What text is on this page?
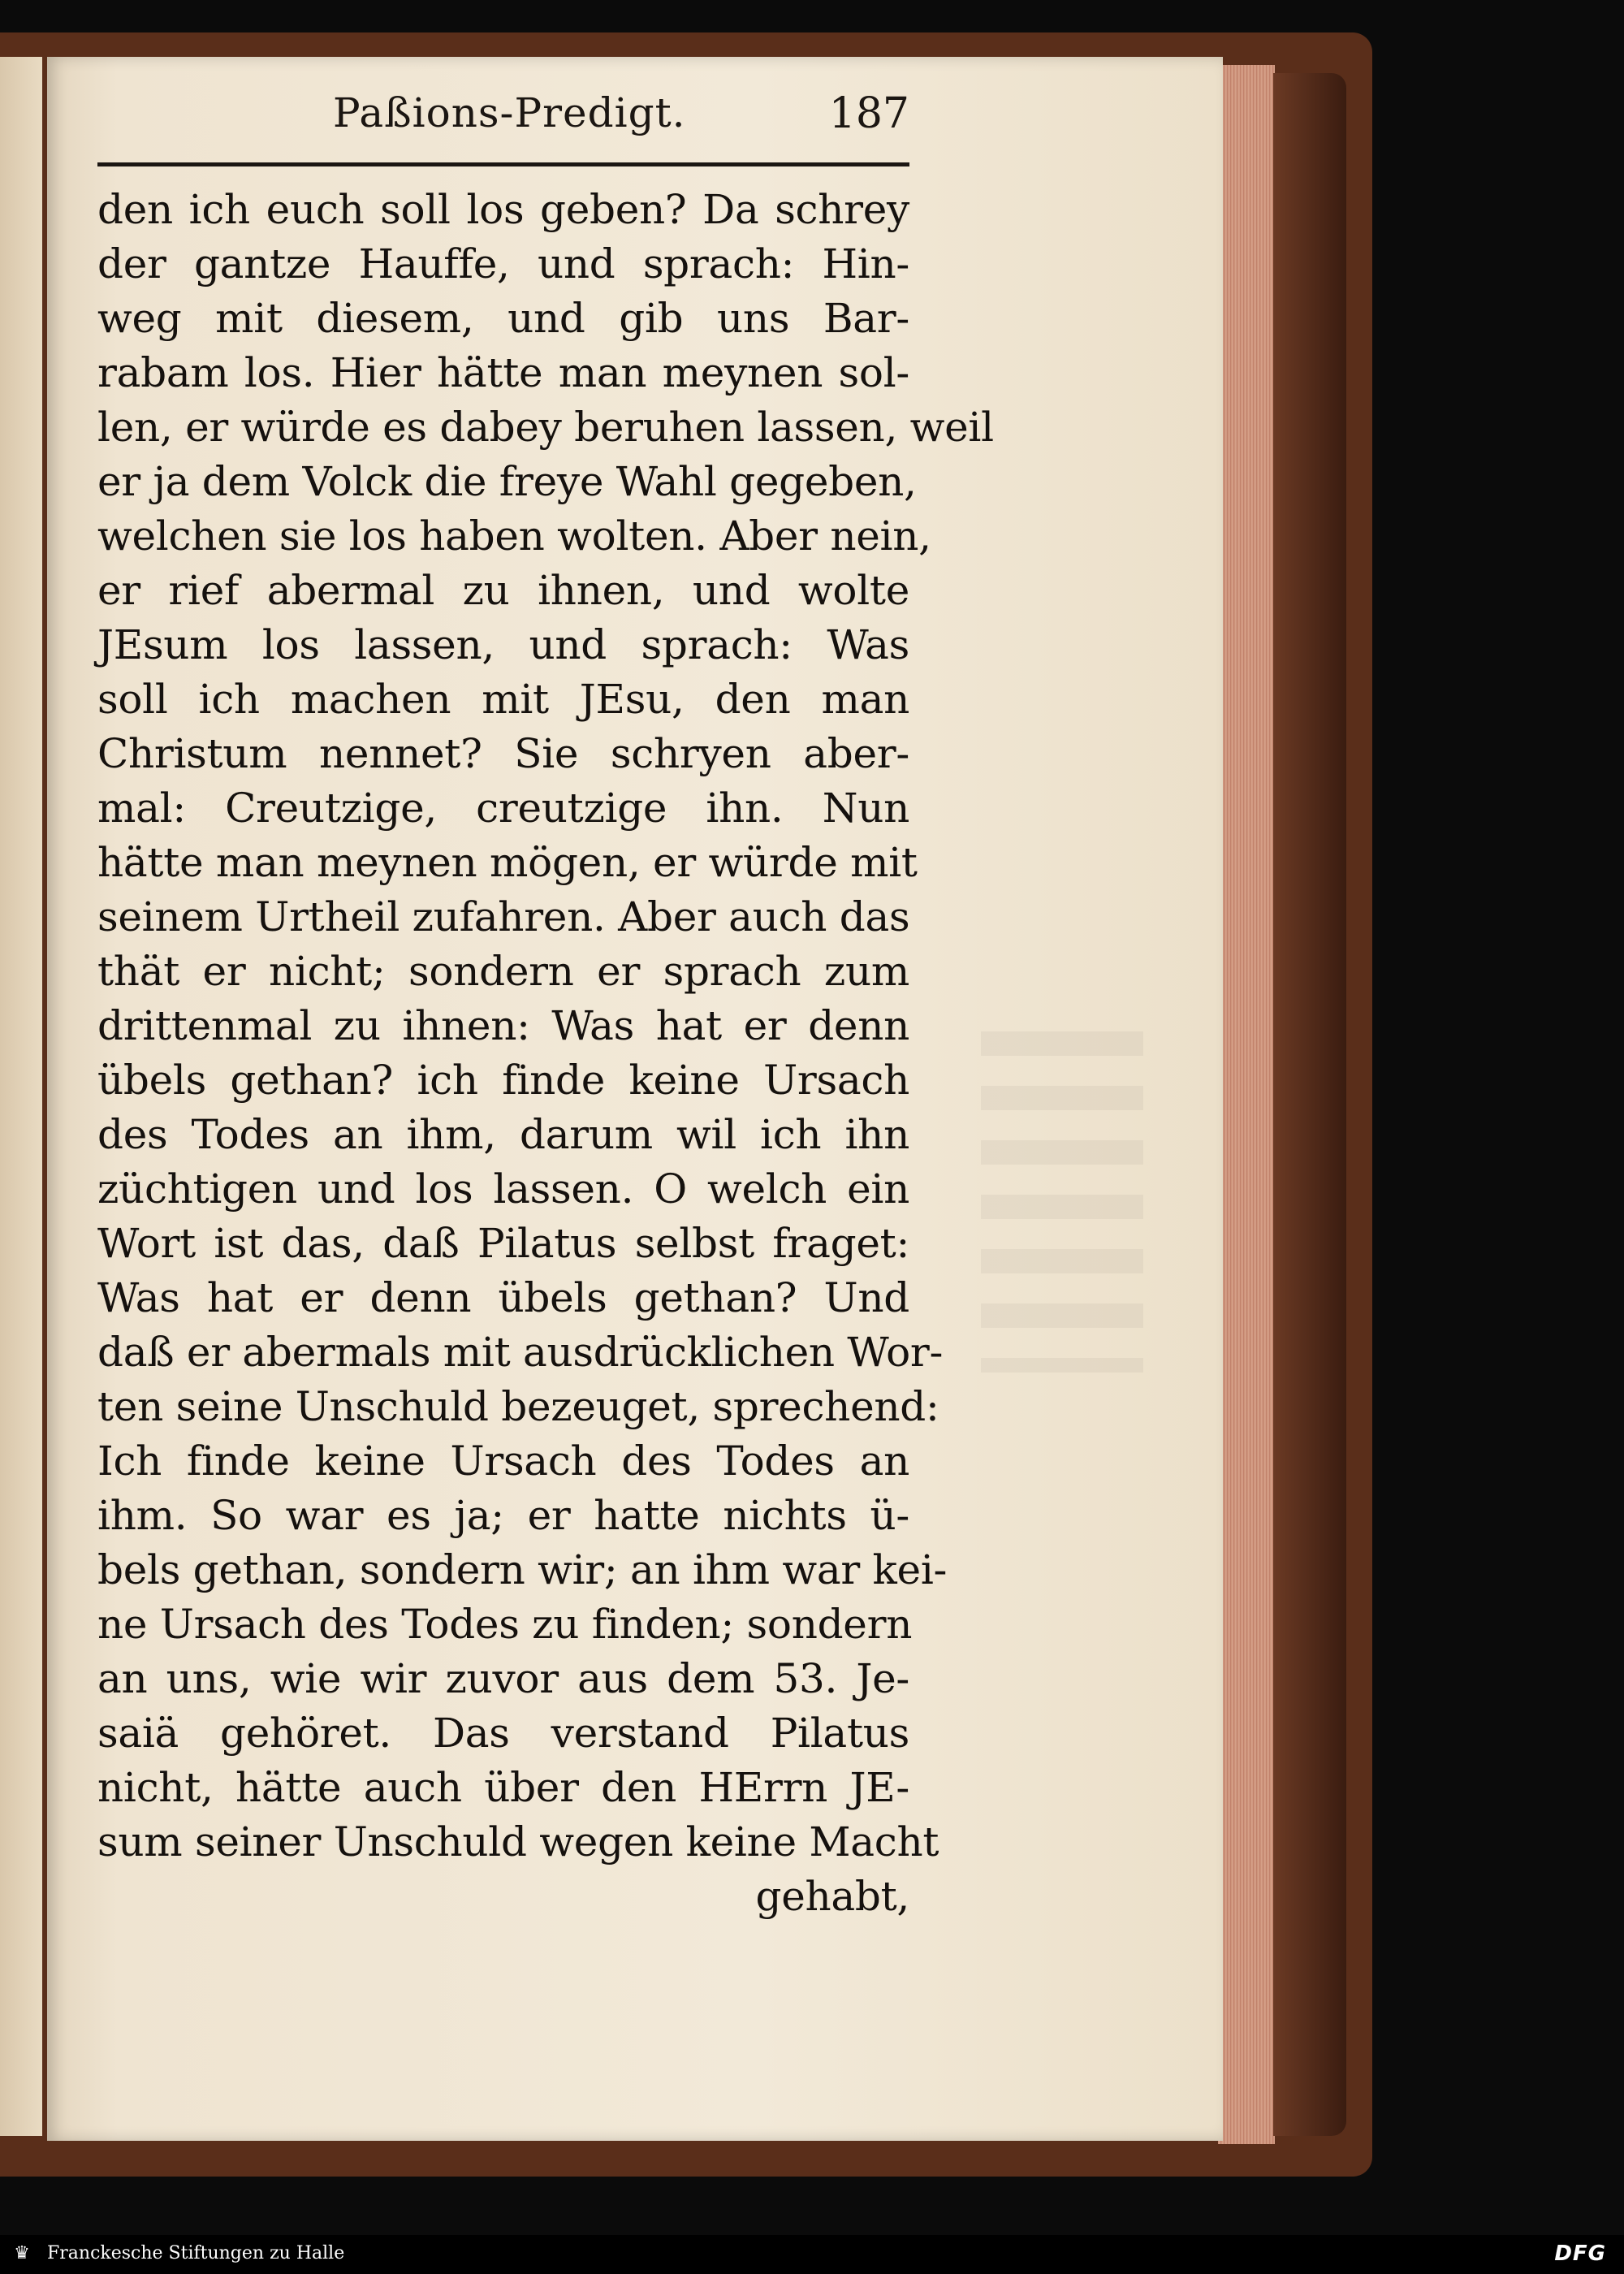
Paßions-Predigt.	187
den ich euch soll los geben? Da schrey
der gantze Hauffe, und sprach: Hin-
weg mit diesem, und gib uns Bar-
rabam los. Hier hätte man meynen sol-
len, er würde es dabey beruhen lassen, weil
er ja dem Volck die freye Wahl gegeben,
welchen sie los haben wolten. Aber nein,
er rief abermal zu ihnen, und wolte
JEsum los lassen, und sprach: Was
soll ich machen mit JEsu, den man
Christum nennet? Sie schryen aber-
mal: Creutzige, creutzige ihn. Nun
hätte man meynen mögen, er würde mit
seinem Urtheil zufahren. Aber auch das
thät er nicht; sondern er sprach zum
drittenmal zu ihnen: Was hat er denn
übels gethan? ich finde keine Ursach
des Todes an ihm, darum wil ich ihn
züchtigen und los lassen. O welch ein
Wort ist das, daß Pilatus selbst fraget:
Was hat er denn übels gethan? Und
daß er abermals mit ausdrücklichen Wor-
ten seine Unschuld bezeuget, sprechend:
Ich finde keine Ursach des Todes an
ihm. So war es ja; er hatte nichts ü-
bels gethan, sondern wir; an ihm war kei-
ne Ursach des Todes zu finden; sondern
an uns, wie wir zuvor aus dem 53. Je-
saiä gehöret. Das verstand Pilatus
nicht, hätte auch über den HErrn JE-
sum seiner Unschuld wegen keine Macht
gehabt,
♛ Franckesche Stiftungen zu Halle	DFG
